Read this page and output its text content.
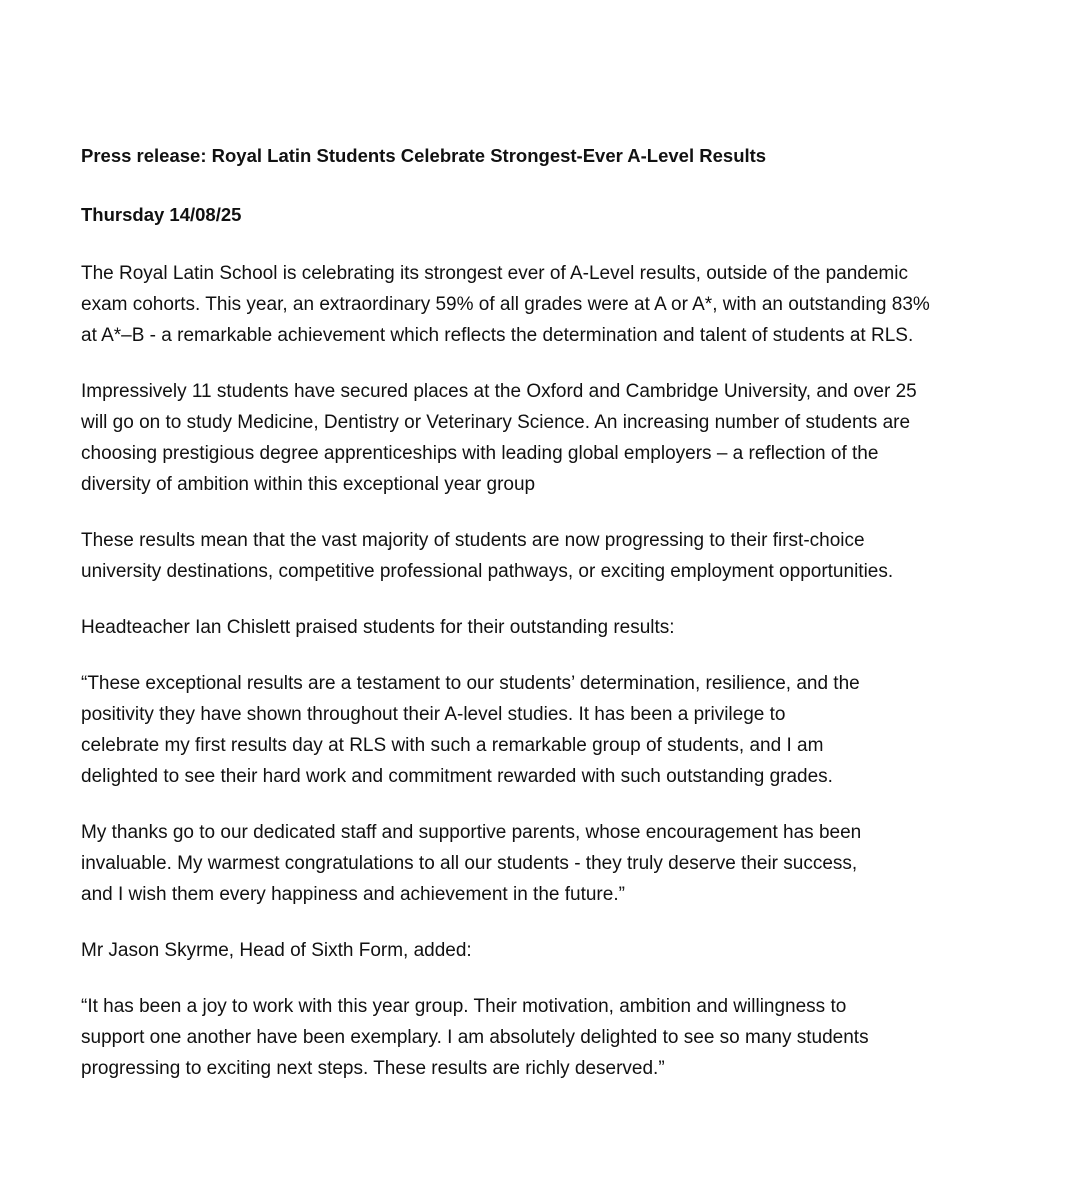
Press release: Royal Latin Students Celebrate Strongest-Ever A-Level Results

Thursday 14/08/25

The Royal Latin School is celebrating its strongest ever of A-Level results, outside of the pandemic

exam cohorts. This year, an extraordinary 59% of all grades were at A or A*, with an outstanding 83%

at A*–B - a remarkable achievement which reflects the determination and talent of students at RLS.

Impressively 11 students have secured places at the Oxford and Cambridge University, and over 25

will go on to study Medicine, Dentistry or Veterinary Science. An increasing number of students are

choosing prestigious degree apprenticeships with leading global employers – a reflection of the

diversity of ambition within this exceptional year group

These results mean that the vast majority of students are now progressing to their first-choice

university destinations, competitive professional pathways, or exciting employment opportunities.

Headteacher Ian Chislett praised students for their outstanding results:

“These exceptional results are a testament to our students’ determination, resilience, and the

positivity they have shown throughout their A-level studies. It has been a privilege to

celebrate my first results day at RLS with such a remarkable group of students, and I am

delighted to see their hard work and commitment rewarded with such outstanding grades.

My thanks go to our dedicated staff and supportive parents, whose encouragement has been

invaluable. My warmest congratulations to all our students - they truly deserve their success,

and I wish them every happiness and achievement in the future.”

Mr Jason Skyrme, Head of Sixth Form, added:

“It has been a joy to work with this year group. Their motivation, ambition and willingness to

support one another have been exemplary. I am absolutely delighted to see so many students

progressing to exciting next steps. These results are richly deserved.”
